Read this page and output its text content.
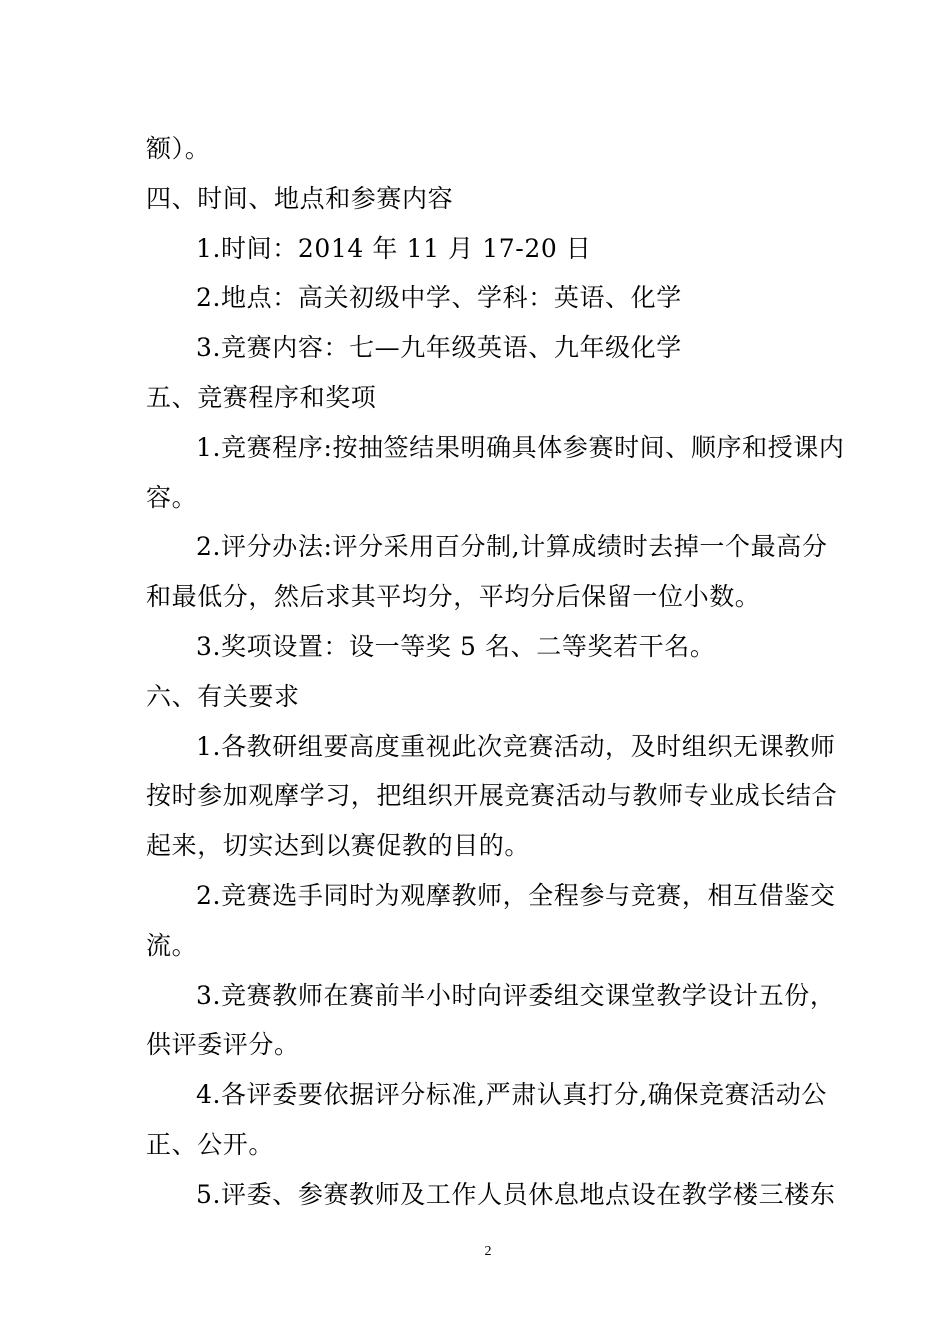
额）。
四、时间、地点和参赛内容
1.时间：2014 年 11 月 17-20 日
2.地点：高关初级中学、学科：英语、化学
3.竞赛内容：七—九年级英语、九年级化学
五、竞赛程序和奖项
1.竞赛程序:按抽签结果明确具体参赛时间、顺序和授课内
容。
2.评分办法:评分采用百分制,计算成绩时去掉一个最高分
和最低分，然后求其平均分，平均分后保留一位小数。
3.奖项设置：设一等奖 5 名、二等奖若干名。
六、有关要求
1.各教研组要高度重视此次竞赛活动，及时组织无课教师
按时参加观摩学习，把组织开展竞赛活动与教师专业成长结合
起来，切实达到以赛促教的目的。
2.竞赛选手同时为观摩教师，全程参与竞赛，相互借鉴交
流。
3.竞赛教师在赛前半小时向评委组交课堂教学设计五份，
供评委评分。
4.各评委要依据评分标准,严肃认真打分,确保竞赛活动公
正、公开。
5.评委、参赛教师及工作人员休息地点设在教学楼三楼东
2
